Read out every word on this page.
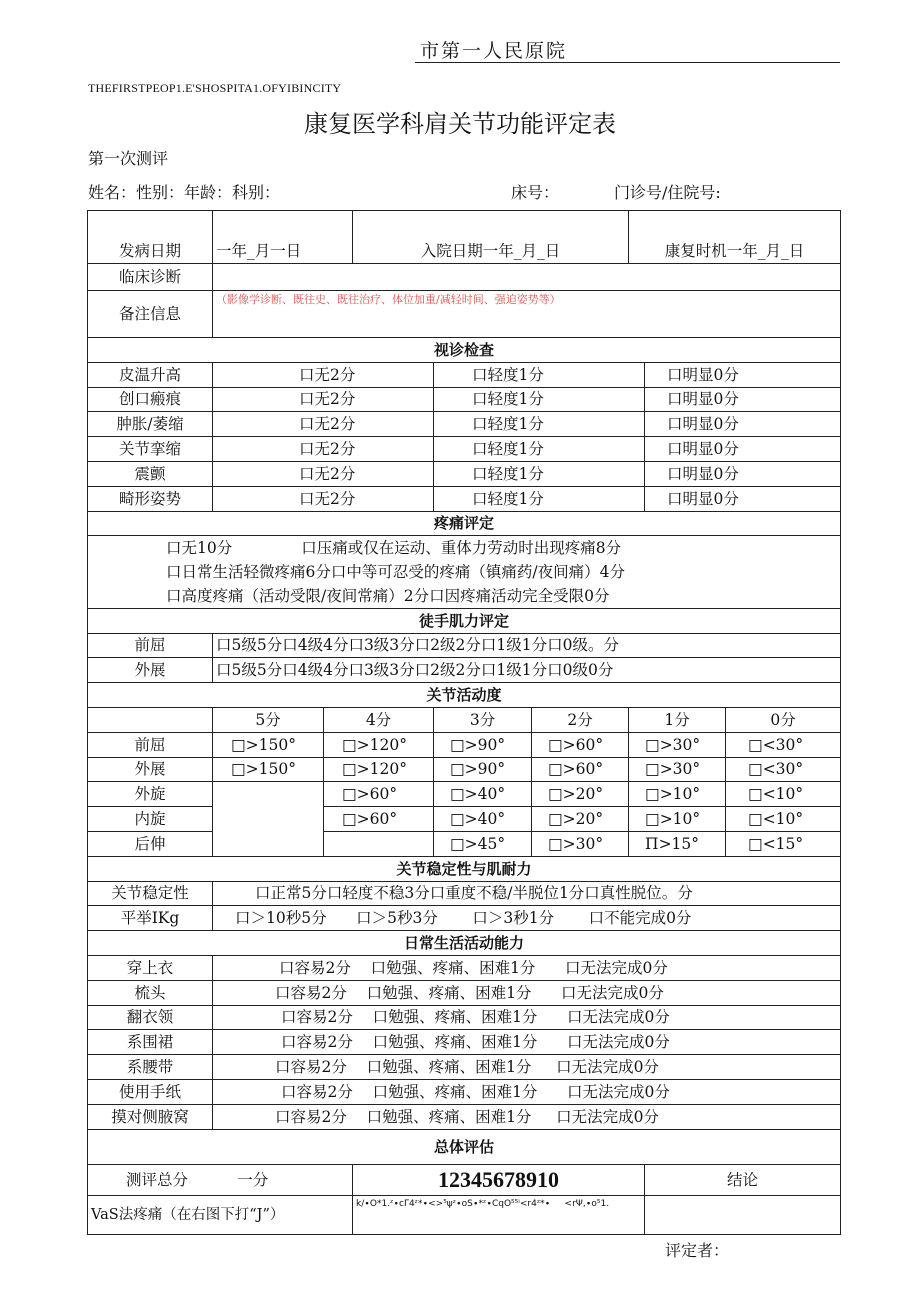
市第一人民原院
THEFIRSTPEOP1.E'SHOSPITA1.OFYIBINCITY
康复医学科肩关节功能评定表
第一次测评
姓名：性别：年龄：科别：	床号：	门诊号/住院号:
发病日期	一年_月一日		入院日期一年_月_日			康复时机一年_月_日		
临床诊断								
备注信息	（影像学诊断、既往史、既往治疗、体位加重/减轻时间、强迫姿势等）							
视诊检查								
皮温升高	口无2分			口轻度1分			口明显0分	
创口瘢痕	口无2分			口轻度1分			口明显0分	
肿胀/萎缩	口无2分			口轻度1分			口明显0分	
关节挛缩	口无2分			口轻度1分			口明显0分	
震颤	口无2分			口轻度1分			口明显0分	
畸形姿势	口无2分			口轻度1分			口明显0分	
疼痛评定								
口无10分              口压痛或仅在运动、重体力劳动时出现疼痛8分								
口日常生活轻微疼痛6分口中等可忍受的疼痛（镇痛药/夜间痛）4分								
口高度疼痛（活动受限/夜间常痛）2分口因疼痛活动完全受限0分								
徒手肌力评定								
前屈	口5级5分口4级4分口3级3分口2级2分口1级1分口0级。分							
外展	口5级5分口4级4分口3级3分口2级2分口1级1分口0级0分							
关节活动度								
	5分	4分		3分	2分	1分		0分
前屈	□>150°	□>120°		□>90°	□>60°	□>30°		□<30°
外展	□>150°	□>120°		□>90°	□>60°	□>30°		□<30°
外旋		□>60°		□>40°	□>20°	□>10°		□<10°
内旋		□>60°		□>40°	□>20°	□>10°		□<10°
后伸				□>45°	□>30°	Π>15°		□<15°
关节稳定性与肌耐力								
关节稳定性	口正常5分口轻度不稳3分口重度不稳/半脱位1分口真性脱位。分							
平举IKg	口＞10秒5分      口＞5秒3分       口＞3秒1分       口不能完成0分							
日常生活活动能力								
穿上衣	口容易2分    口勉强、疼痛、困难1分      口无法完成0分							
梳头	口容易2分    口勉强、疼痛、困难1分      口无法完成0分							
翻衣领	口容易2分    口勉强、疼痛、困难1分      口无法完成0分							
系围裙	口容易2分    口勉强、疼痛、困难1分      口无法完成0分							
系腰带	口容易2分    口勉强、疼痛、困难1分     口无法完成0分							
使用手纸	口容易2分    口勉强、疼痛、困难1分      口无法完成0分							
摸对侧腋窝	口容易2分    口勉强、疼痛、困难1分     口无法完成0分							
总体评估								
测评总分          一分			12345678910				结论	
VaS法疼痛（在右图下打“J”）			k/∙O*1.ᶻ∙cΓ4ᶻ*∙<>⁵ψᶻ∙oS∙*ᶻ∙CqO⁵⁵ⁱ<r4ᶻ*∙     <rΨ,∙o⁵1.					
评定者：
